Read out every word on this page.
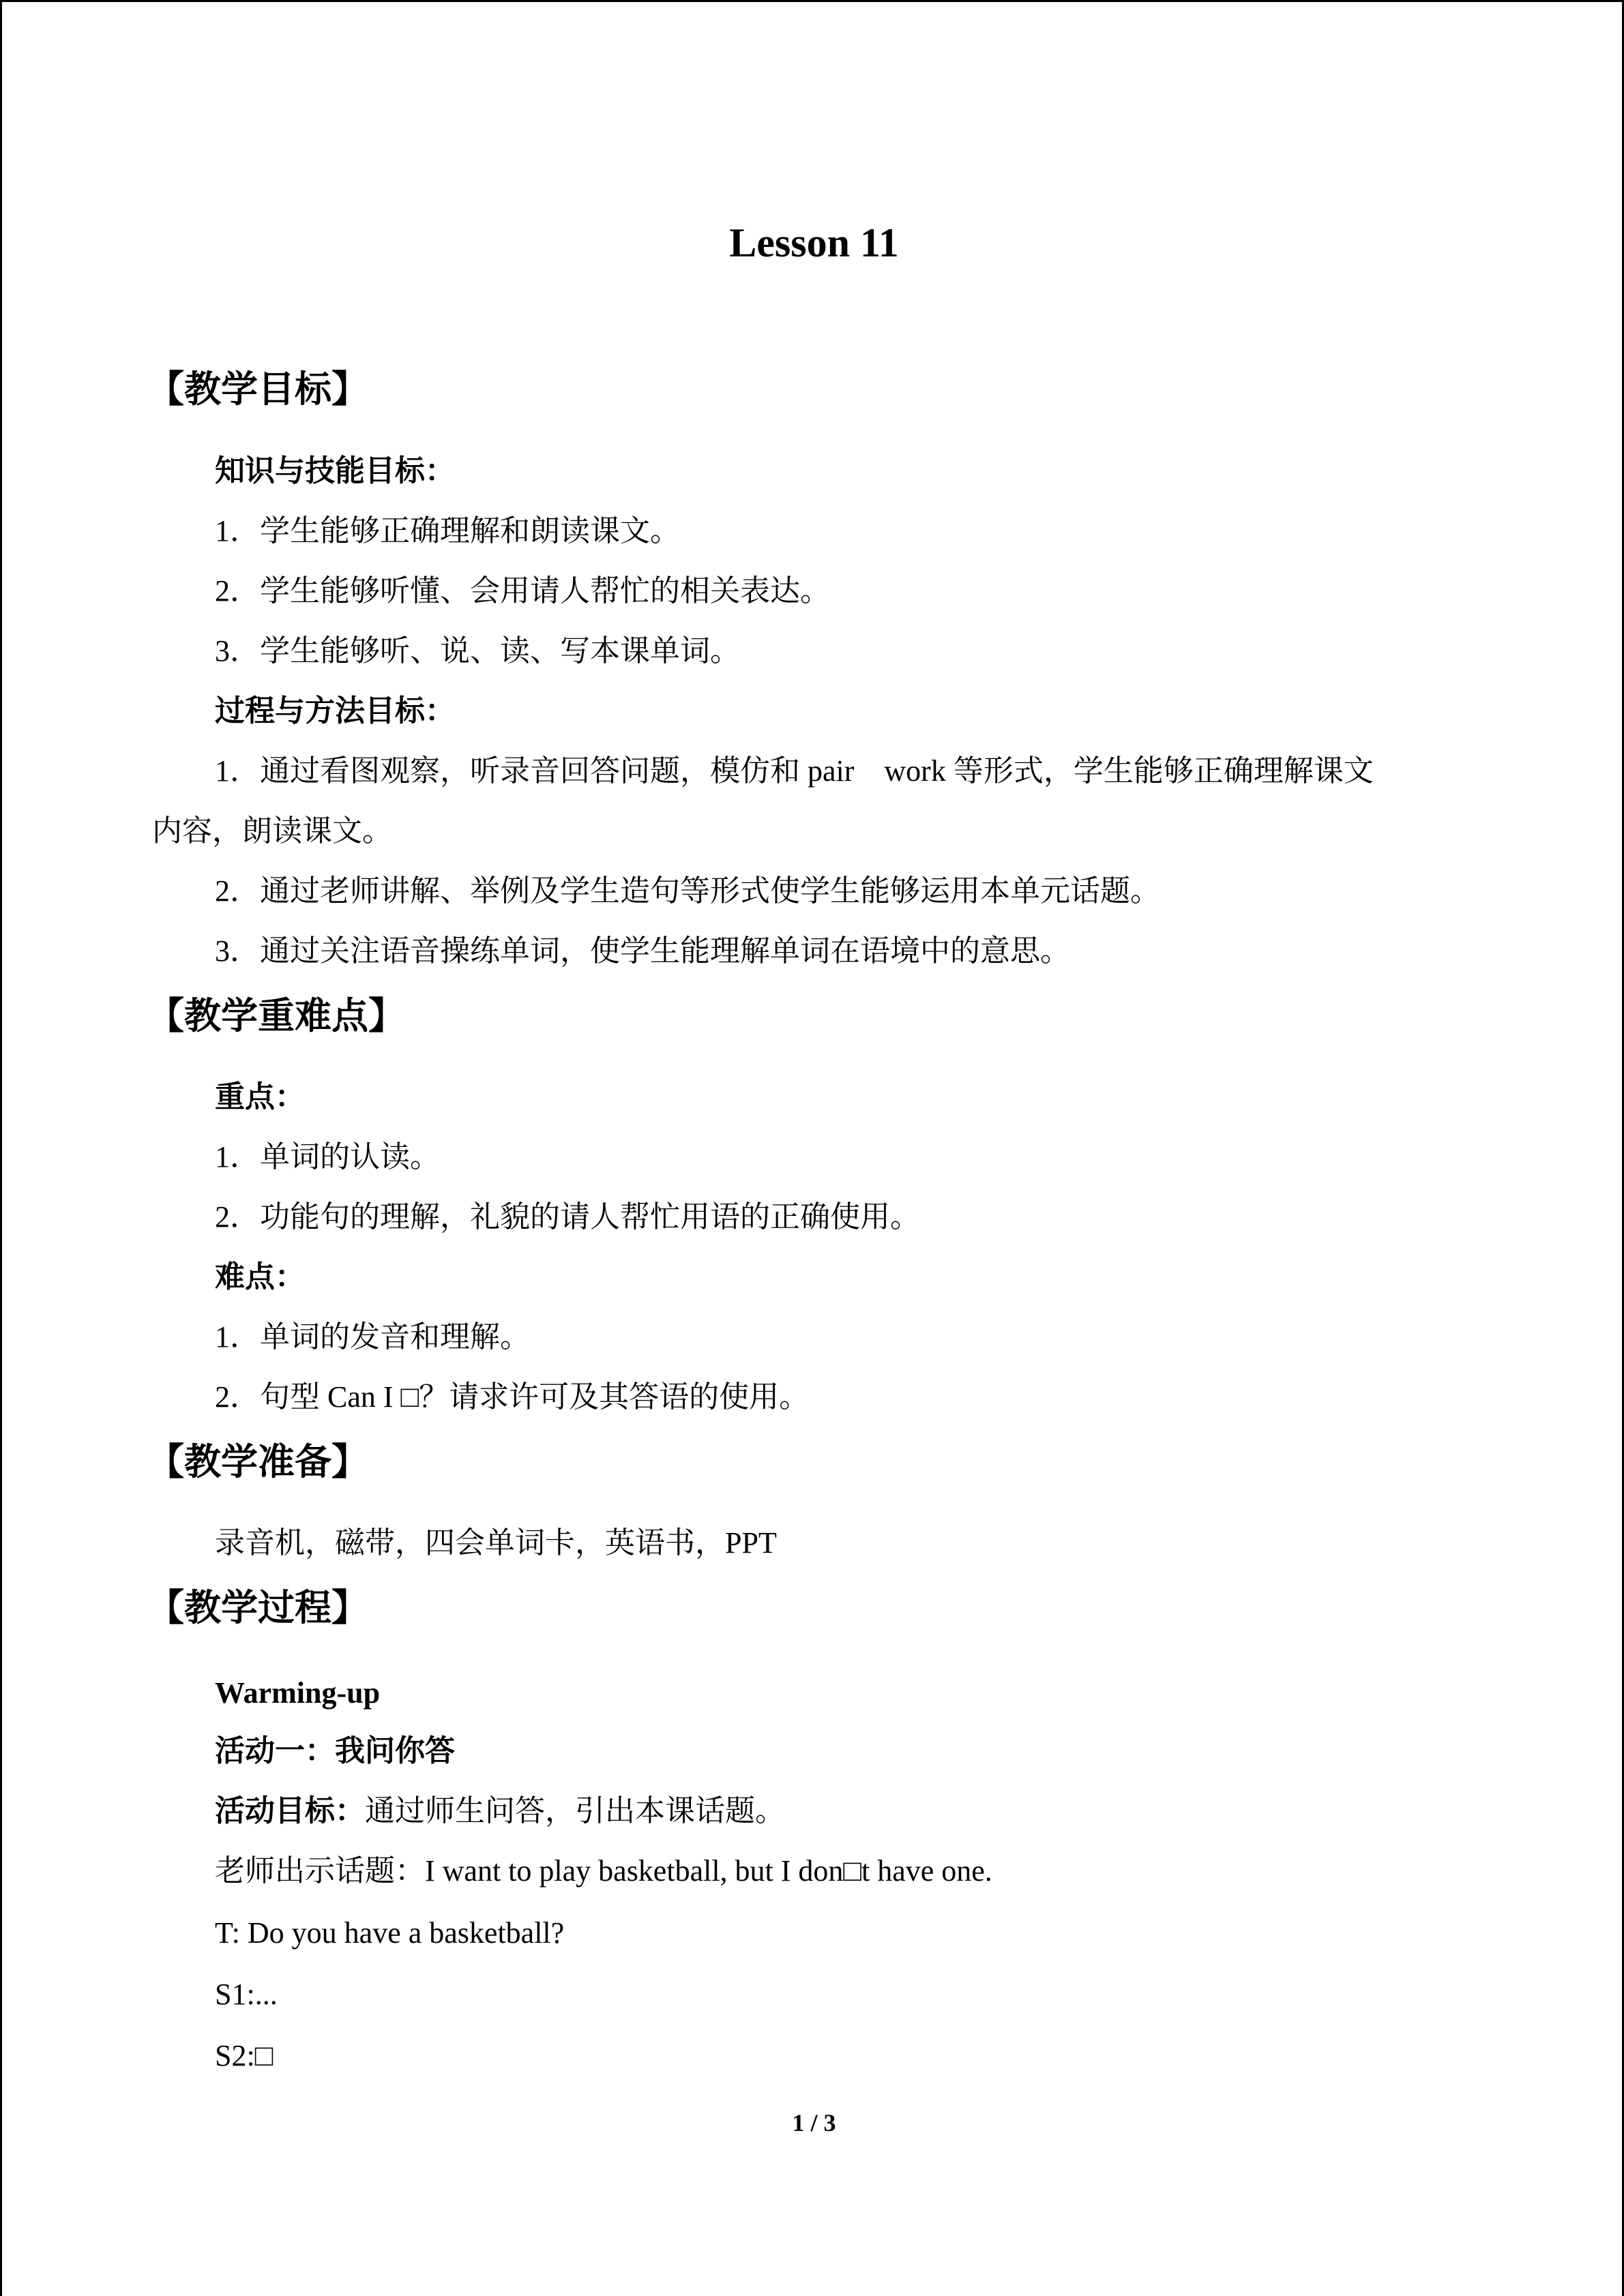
Lesson 11
【教学目标】
知识与技能目标：
1．学生能够正确理解和朗读课文。
2．学生能够听懂、会用请人帮忙的相关表达。
3．学生能够听、说、读、写本课单词。
过程与方法目标：
1．通过看图观察，听录音回答问题，模仿和 pair　work 等形式，学生能够正确理解课文
内容，朗读课文。
2．通过老师讲解、举例及学生造句等形式使学生能够运用本单元话题。
3．通过关注语音操练单词，使学生能理解单词在语境中的意思。
【教学重难点】
重点：
1．单词的认读。
2．功能句的理解，礼貌的请人帮忙用语的正确使用。
难点：
1．单词的发音和理解。
2．句型 Can I □？请求许可及其答语的使用。
【教学准备】
录音机，磁带，四会单词卡，英语书，PPT
【教学过程】
Warming-up
活动一：我问你答
活动目标：通过师生问答，引出本课话题。
老师出示话题：I want to play basketball, but I don□t have one.
T: Do you have a basketball?
S1:...
S2:□
1 / 3
